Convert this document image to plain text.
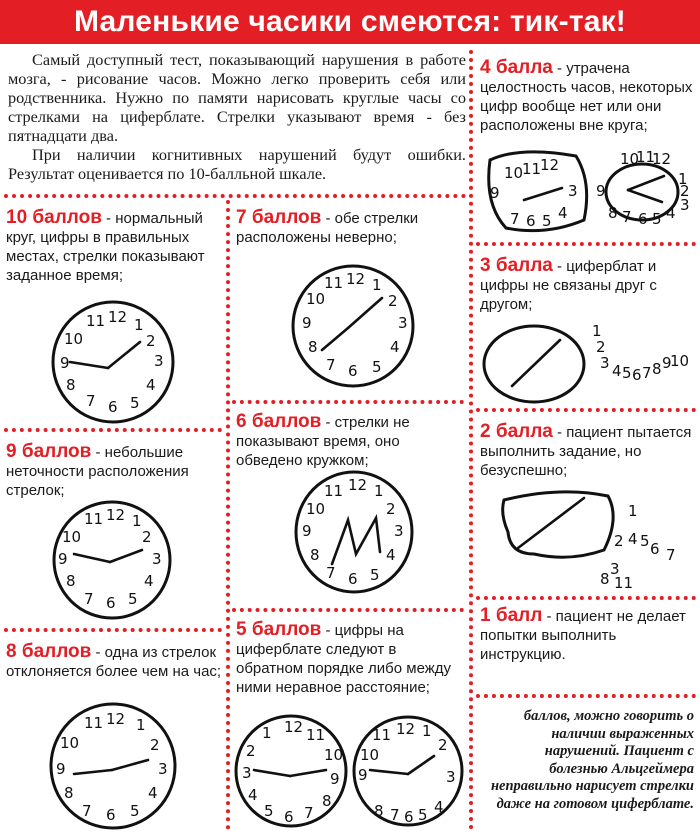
Маленькие часики смеются: тик-так!

Самый доступный тест, показывающий нарушения в работе мозга, - рисование часов. Можно легко проверить себя или родственника. Нужно по памяти нарисовать круглые часы со стрелками на циферблате. Стрелки указывают время - без пятнадцати два.

При наличии когнитивных нарушений будут ошибки. Результат оценивается по 10-балльной шкале.

10 баллов - нормальный круг, цифры в правильных местах, стрелки показывают заданное время;
9 баллов - небольшие неточности расположения стрелок;
8 баллов - одна из стрелок отклоняется более чем на час;
7 баллов - обе стрелки расположены неверно;
6 баллов - стрелки не показывают время, оно обведено кружком;
5 баллов - цифры на циферблате следуют в обратном порядке либо между ними неравное расстояние;
4 балла - утрачена целостность часов, некоторых цифр вообще нет или они расположены вне круга;
3 балла - циферблат и цифры не связаны друг с другом;
2 балла - пациент пытается выполнить задание, но безуспешно;
1 балл - пациент не делает попытки выполнить инструкцию.
12
11 1
2
3
4
5
6
7
8
9
10
12
11 1
2
3
4
5
6
7
8
9
10
12
11 1
2
3
4
5
6
7
8
9
10
12
11 1
2
3
4
5
6
7
8
9
10
12
11 1
2
3
4
5
6
7
8
9
10
12
1
2
3
4
5 6 7
8
9
10
11	12
11
10
9
8 7 6 5 4
3
2
1
10
11
12
3
9
7 6 5 4
10
11
12
1
2
3
9
8 7 6 5 4
1
2
3 4 5 6 7 8 9
10
1
2 4 5 6 7
8
3
11
баллов, можно говорить о наличии выраженных нарушений. Пациент с болезнью Альцгеймера неправильно нарисует стрелки даже на готовом циферблате.
